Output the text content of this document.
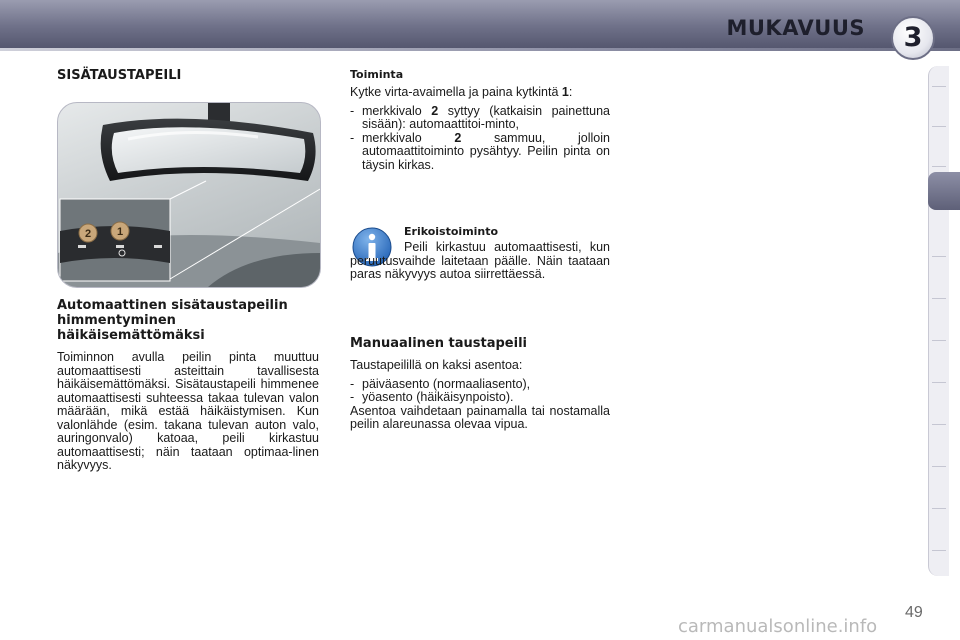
MUKAVUUS	3
SISÄTAUSTAPEILI
2 1
Automaattinen sisätaustapeilin himmentyminen häikäisemättömäksi

Toiminnon avulla peilin pinta muuttuu automaattisesti asteittain tavallisesta häikäisemättömäksi. Sisätaustapeili himmenee automaattisesti suhteessa takaa tulevan valon määrään, mikä estää häikäistymisen. Kun valonlähde (esim. takana tulevan auton valo, auringonvalo) katoaa, peili kirkastuu automaattisesti; näin taataan optimaa-linen näkyvyys.

Toiminta

Kytke virta-avaimella ja paina kytkintä 1:

- merkkivalo 2 syttyy (katkaisin painettuna sisään): automaattitoi-minto,
- merkkivalo	2	sammuu, jolloin automaattitoiminto pysähtyy. Peilin pinta on täysin kirkas.
Erikoistoiminto

Peili kirkastuu automaattisesti, kun peruutusvaihde laitetaan päälle. Näin taataan paras näkyvyys autoa siirrettäessä.

Manuaalinen taustapeili

Taustapeilillä on kaksi asentoa:

- päiväasento (normaaliasento),
- yöasento (häikäisynpoisto).

Asentoa vaihdetaan painamalla tai nostamalla peilin alareunassa olevaa vipua.

49
carmanualsonline.info
